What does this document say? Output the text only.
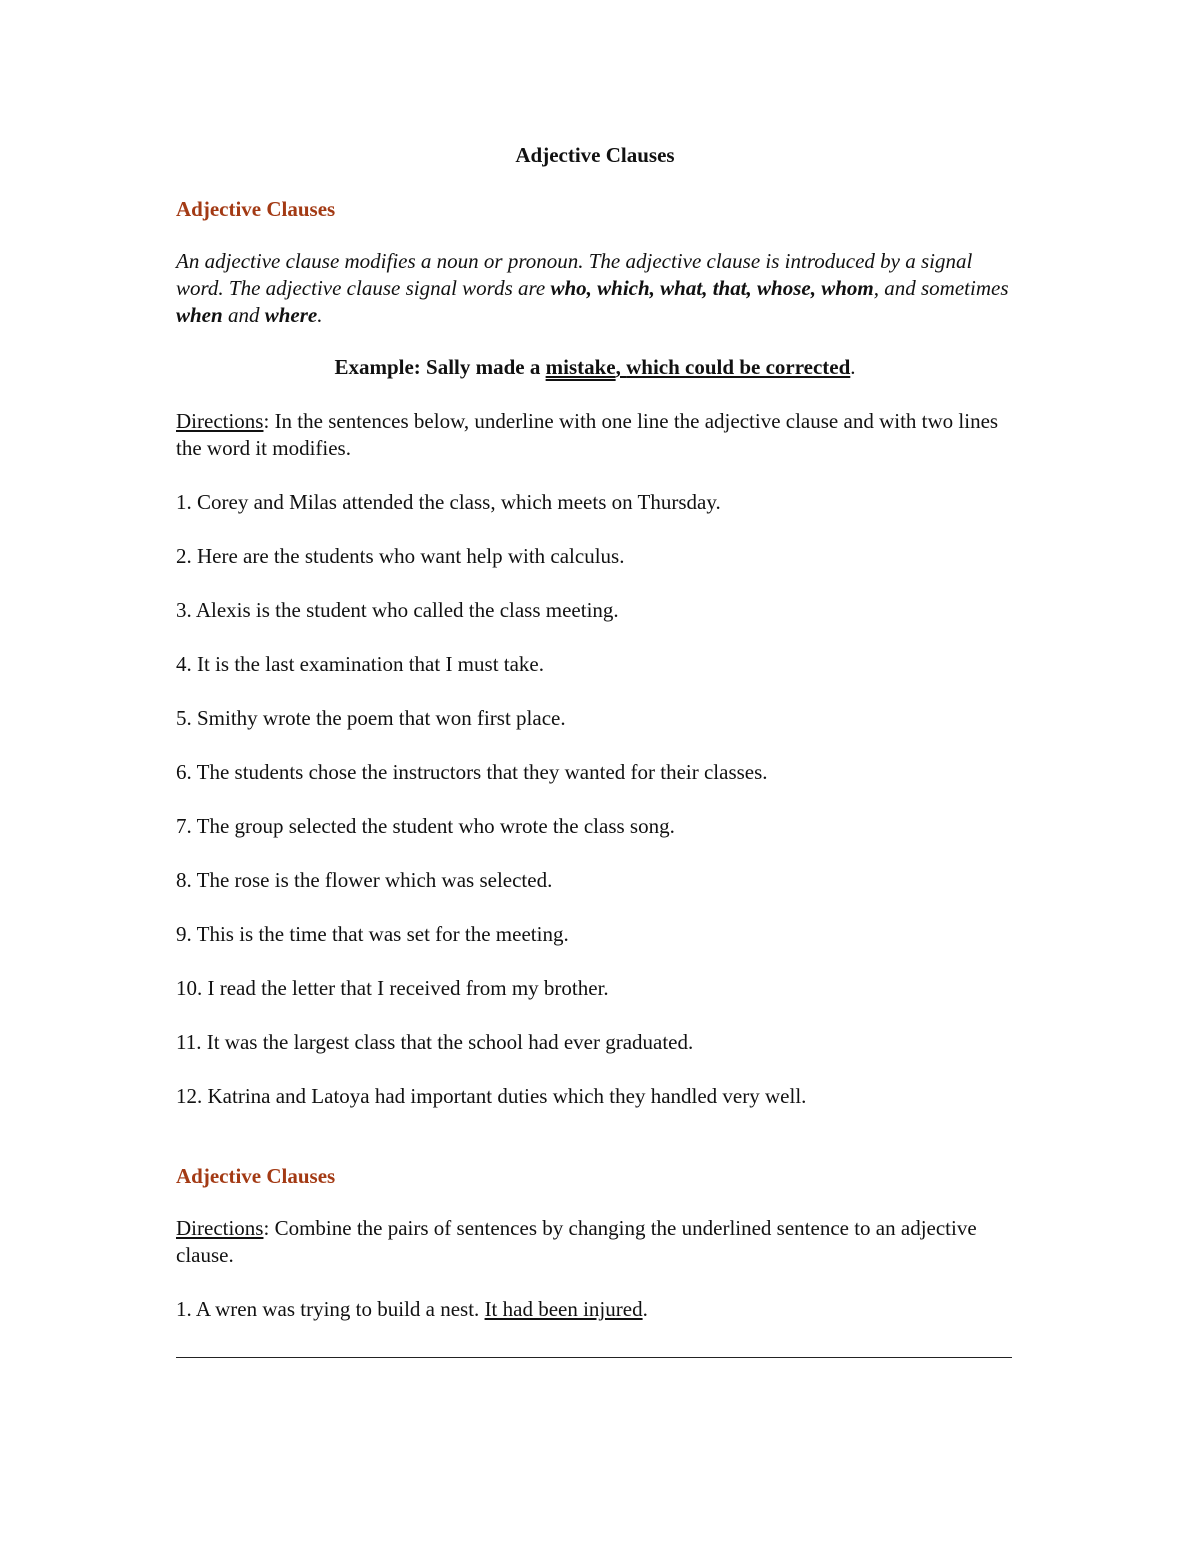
Adjective Clauses
Adjective Clauses

An adjective clause modifies a noun or pronoun. The adjective clause is introduced by a signal word. The adjective clause signal words are who, which, what, that, whose, whom, and sometimes when and where.

Example: Sally made a mistake, which could be corrected.

Directions: In the sentences below, underline with one line the adjective clause and with two lines the word it modifies.

1. Corey and Milas attended the class, which meets on Thursday.

2. Here are the students who want help with calculus.

3. Alexis is the student who called the class meeting.

4. It is the last examination that I must take.

5. Smithy wrote the poem that won first place.

6. The students chose the instructors that they wanted for their classes.

7. The group selected the student who wrote the class song.

8. The rose is the flower which was selected.

9. This is the time that was set for the meeting.

10. I read the letter that I received from my brother.

11. It was the largest class that the school had ever graduated.

12. Katrina and Latoya had important duties which they handled very well.

Adjective Clauses

Directions: Combine the pairs of sentences by changing the underlined sentence to an adjective clause.

1. A wren was trying to build a nest. It had been injured.
